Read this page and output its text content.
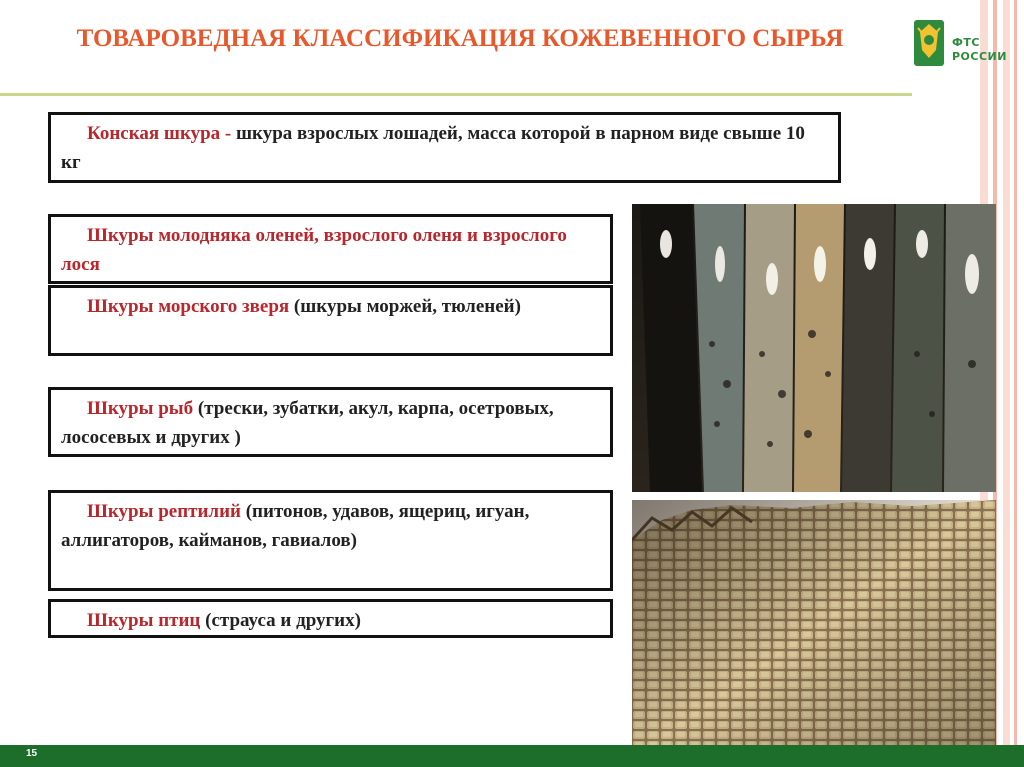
ТОВАРОВЕДНАЯ КЛАССИФИКАЦИЯ КОЖЕВЕННОГО СЫРЬЯ	ФТС
РОССИИ
Конская шкура - шкура взрослых лошадей, масса которой в парном виде свыше 10 кг
Шкуры молодняка оленей, взрослого оленя и взрослого лося
Шкуры морского зверя (шкуры моржей, тюленей)
Шкуры рыб (трески, зубатки, акул, карпа, осетровых, лососевых и других )
Шкуры рептилий (питонов, удавов, ящериц, игуан, аллигаторов, кайманов, гавиалов)
Шкуры птиц (страуса и других)
15
